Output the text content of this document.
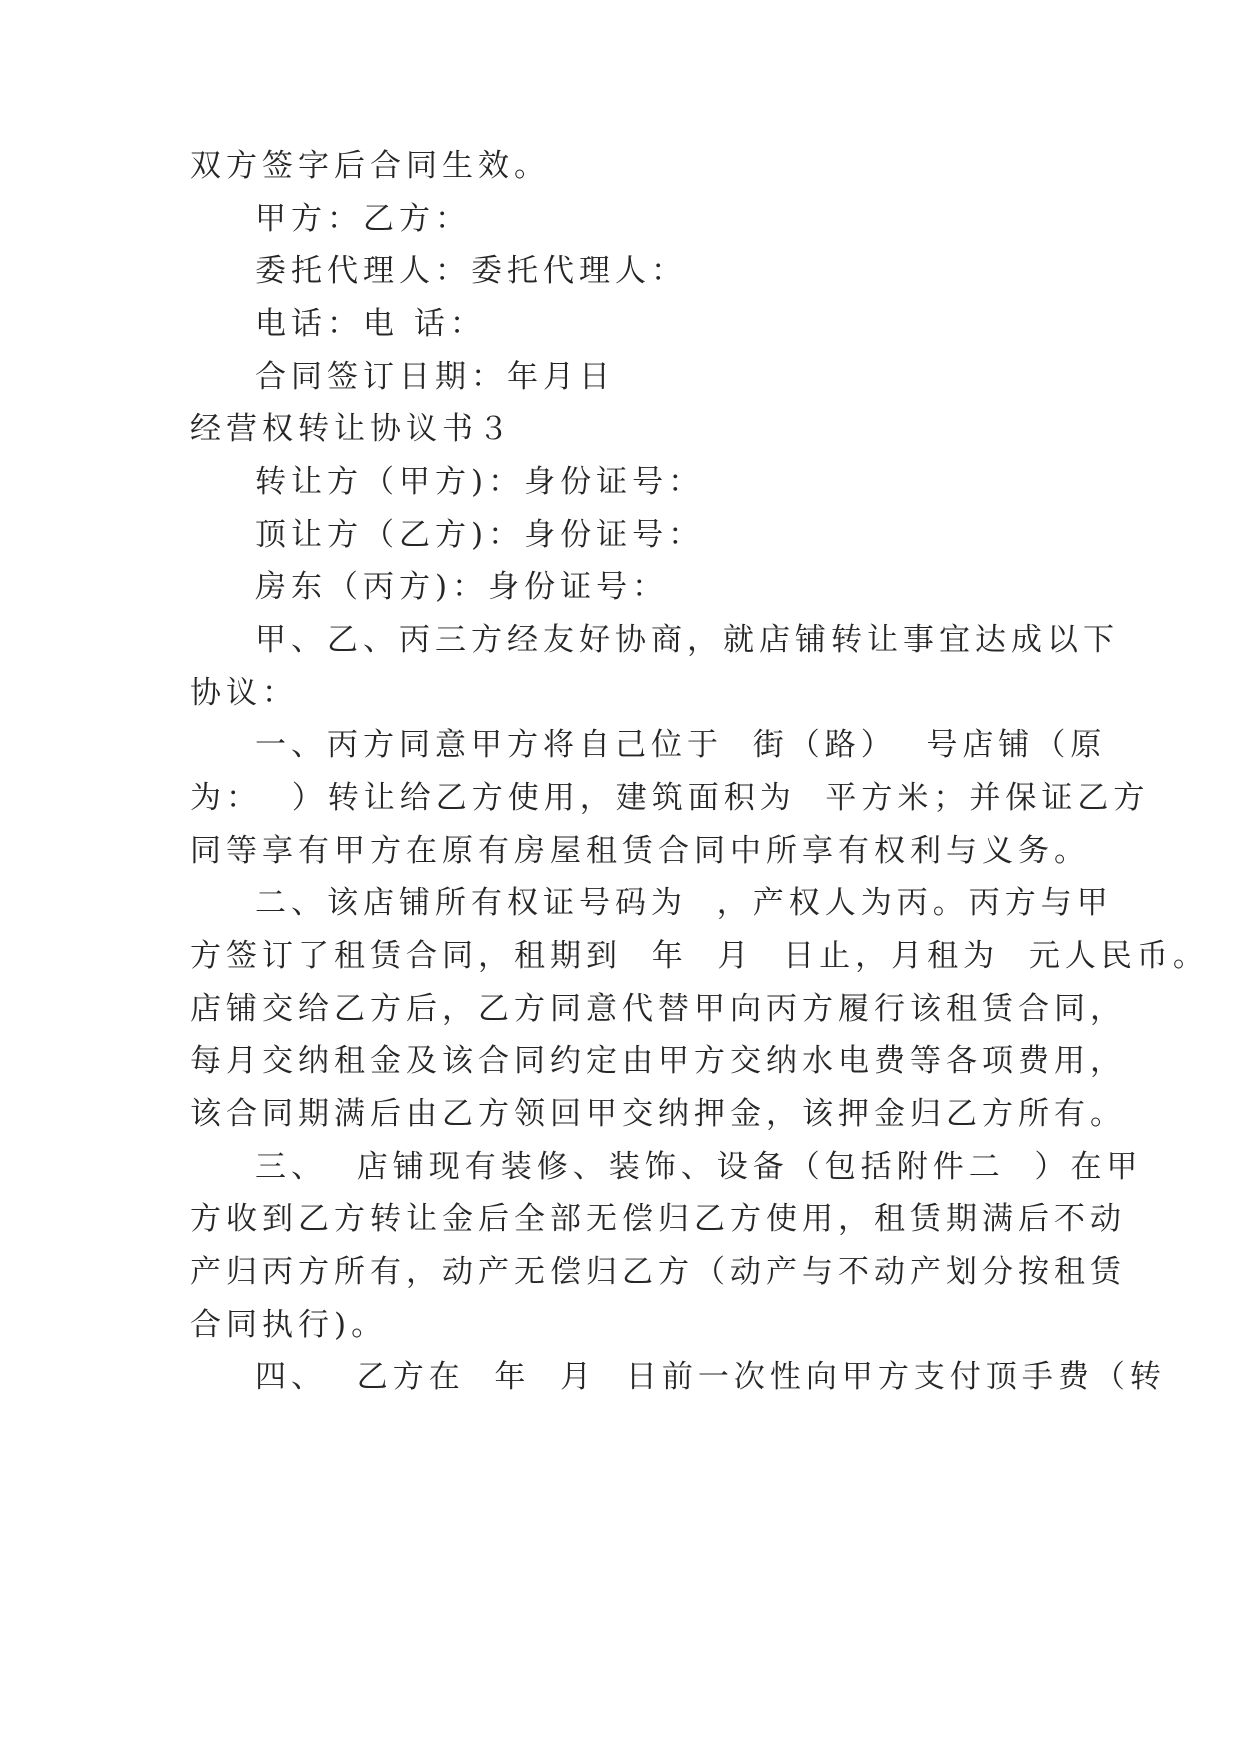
双方签字后合同生效。
甲方：乙方：
委托代理人：委托代理人：
电话：电 话：
合同签订日期：年月日
经营权转让协议书３
转让方（甲方)：身份证号：
顶让方（乙方)：身份证号：
房东（丙方)：身份证号：
甲、乙、丙三方经友好协商，就店铺转让事宜达成以下
协议：
一、丙方同意甲方将自己位于  街（路）  号店铺（原
为：  ）转让给乙方使用，建筑面积为  平方米；并保证乙方
同等享有甲方在原有房屋租赁合同中所享有权利与义务。
二、该店铺所有权证号码为  ，产权人为丙。丙方与甲
方签订了租赁合同，租期到  年  月  日止，月租为  元人民币。
店铺交给乙方后，乙方同意代替甲向丙方履行该租赁合同，
每月交纳租金及该合同约定由甲方交纳水电费等各项费用，
该合同期满后由乙方领回甲交纳押金，该押金归乙方所有。
三、  店铺现有装修、装饰、设备（包括附件二  ）在甲
方收到乙方转让金后全部无偿归乙方使用，租赁期满后不动
产归丙方所有，动产无偿归乙方（动产与不动产划分按租赁
合同执行)。
四、  乙方在  年  月  日前一次性向甲方支付顶手费（转
